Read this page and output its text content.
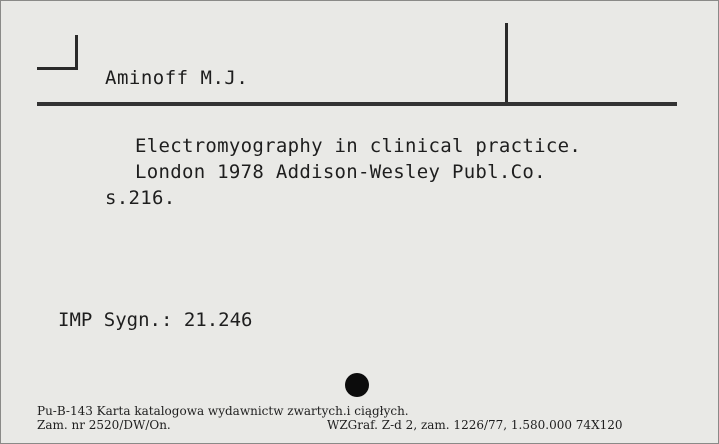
Aminoff M.J.
Electromyography in clinical practice.
London 1978 Addison-Wesley Publ.Co.
s.216.
IMP Sygn.: 21.246
Pu-B-143 Karta katalogowa wydawnictw zwartych.i ciągłych.
Zam. nr 2520/DW/On.	WZGraf. Z-d 2, zam. 1226/77, 1.580.000 74X120
